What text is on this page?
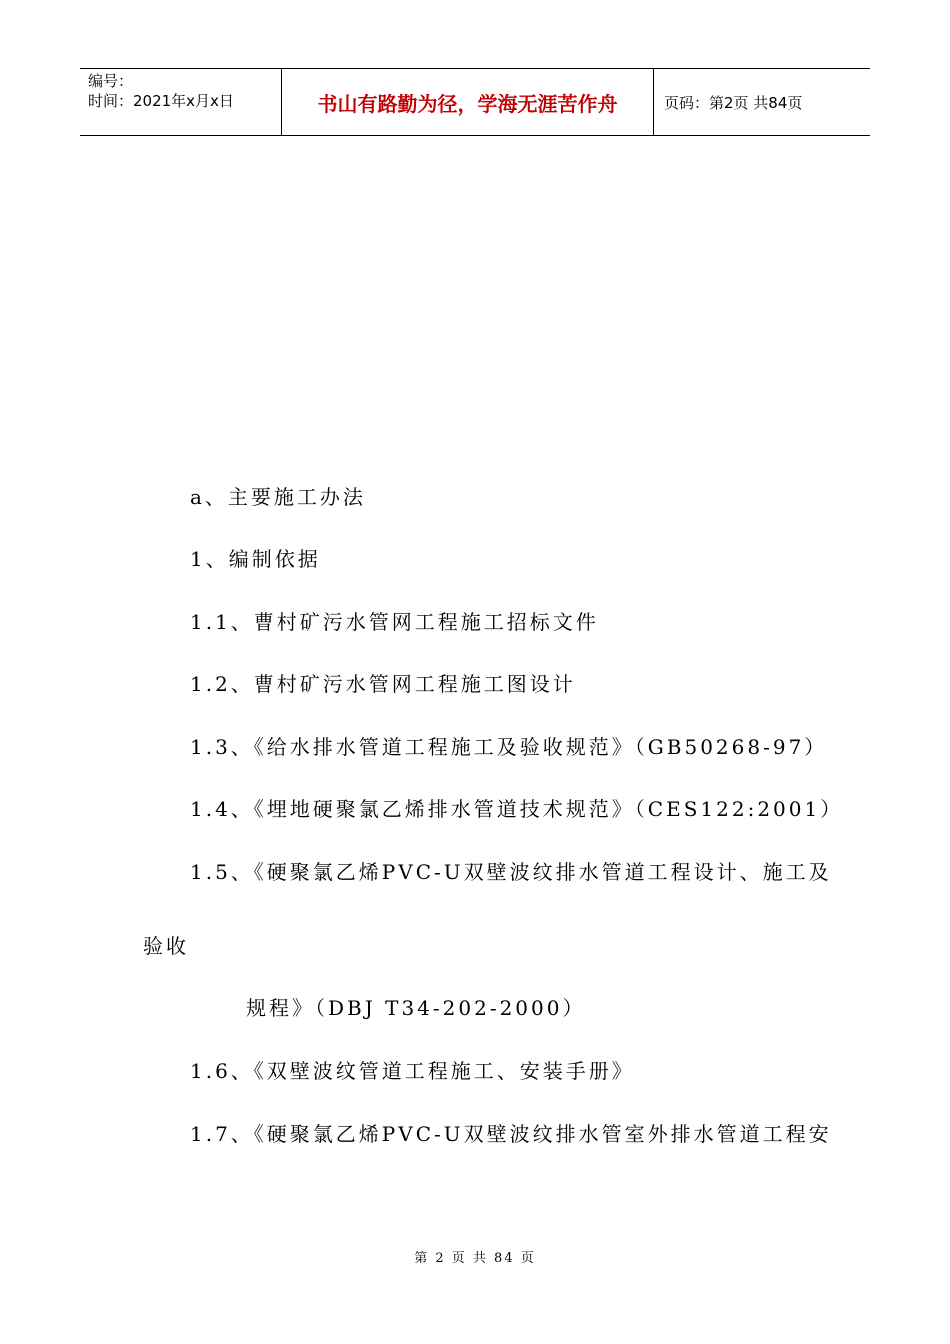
编号：
时间：2021年x月x日	书山有路勤为径，学海无涯苦作舟	页码：第2页 共84页
a、主要施工办法
1、编制依据
1.1、曹村矿污水管网工程施工招标文件
1.2、曹村矿污水管网工程施工图设计
1.3、《给水排水管道工程施工及验收规范》（GB50268-97）
1.4、《埋地硬聚氯乙烯排水管道技术规范》（CES122:2001）
1.5、《硬聚氯乙烯PVC-U双壁波纹排水管道工程设计、施工及
验收
规程》（DBJ T34-202-2000）
1.6、《双壁波纹管道工程施工、安装手册》
1.7、《硬聚氯乙烯PVC-U双壁波纹排水管室外排水管道工程安
第 2 页 共 84 页
